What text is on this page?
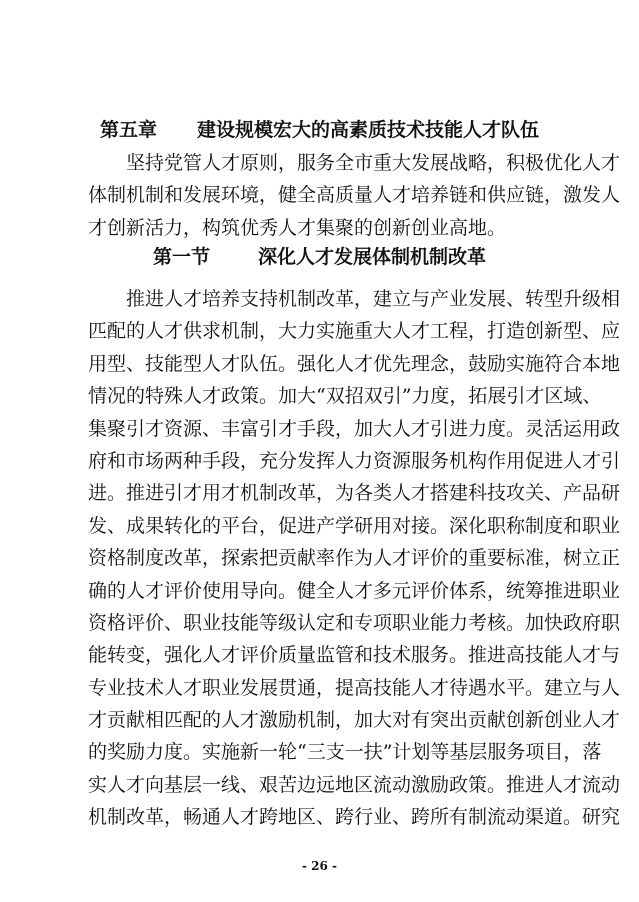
第五章 建设规模宏大的高素质技术技能人才队伍
坚持党管人才原则，服务全市重大发展战略，积极优化人才
体制机制和发展环境，健全高质量人才培养链和供应链，激发人
才创新活力，构筑优秀人才集聚的创新创业高地。
第一节	深化人才发展体制机制改革
推进人才培养支持机制改革，建立与产业发展、转型升级相
匹配的人才供求机制，大力实施重大人才工程，打造创新型、应
用型、技能型人才队伍。强化人才优先理念，鼓励实施符合本地
情况的特殊人才政策。加大“双招双引”力度，拓展引才区域、
集聚引才资源、丰富引才手段，加大人才引进力度。灵活运用政
府和市场两种手段，充分发挥人力资源服务机构作用促进人才引
进。推进引才用才机制改革，为各类人才搭建科技攻关、产品研
发、成果转化的平台，促进产学研用对接。深化职称制度和职业
资格制度改革，探索把贡献率作为人才评价的重要标准，树立正
确的人才评价使用导向。健全人才多元评价体系，统筹推进职业
资格评价、职业技能等级认定和专项职业能力考核。加快政府职
能转变，强化人才评价质量监管和技术服务。推进高技能人才与
专业技术人才职业发展贯通，提高技能人才待遇水平。建立与人
才贡献相匹配的人才激励机制，加大对有突出贡献创新创业人才
的奖励力度。实施新一轮“三支一扶”计划等基层服务项目，落
实人才向基层一线、艰苦边远地区流动激励政策。推进人才流动
机制改革，畅通人才跨地区、跨行业、跨所有制流动渠道。研究
- 26 -
